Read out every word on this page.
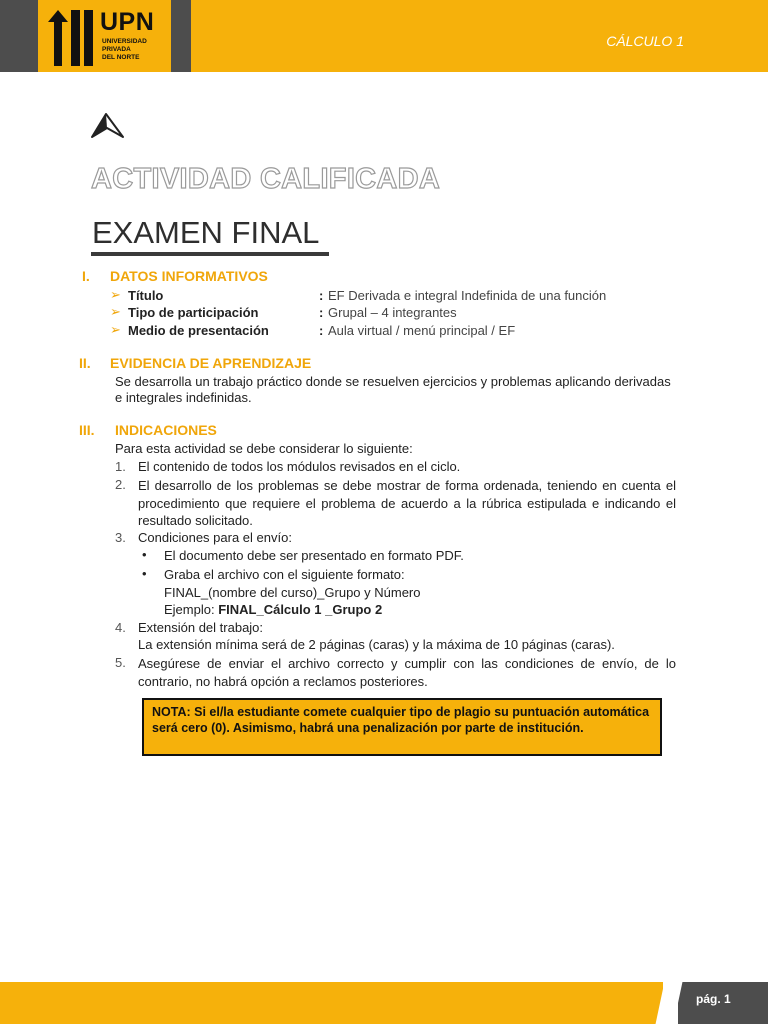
UPN
UNIVERSIDAD
PRIVADA
DEL NORTE
CÁLCULO 1
ACTIVIDAD CALIFICADA
EXAMEN FINAL
I. DATOS INFORMATIVOS
➢ Título	: EF Derivada e integral Indefinida de una función
➢ Tipo de participación	: Grupal – 4 integrantes
➢ Medio de presentación	: Aula virtual / menú principal / EF
II. EVIDENCIA DE APRENDIZAJE
Se desarrolla un trabajo práctico donde se resuelven ejercicios y problemas aplicando derivadas e integrales indefinidas.
III. INDICACIONES
Para esta actividad se debe considerar lo siguiente:
1. El contenido de todos los módulos revisados en el ciclo.
2. El desarrollo de los problemas se debe mostrar de forma ordenada, teniendo en cuenta el procedimiento que requiere el problema de acuerdo a la rúbrica estipulada e indicando el resultado solicitado.
3. Condiciones para el envío:
• El documento debe ser presentado en formato PDF.
• Graba el archivo con el siguiente formato:
FINAL_(nombre del curso)_Grupo y Número
Ejemplo: FINAL_Cálculo 1 _Grupo 2
4. Extensión del trabajo:
La extensión mínima será de 2 páginas (caras) y la máxima de 10 páginas (caras).
5. Asegúrese de enviar el archivo correcto y cumplir con las condiciones de envío, de lo contrario, no habrá opción a reclamos posteriores.
NOTA: Si el/la estudiante comete cualquier tipo de plagio su puntuación automática será cero (0). Asimismo, habrá una penalización por parte de institución.
pág. 1
